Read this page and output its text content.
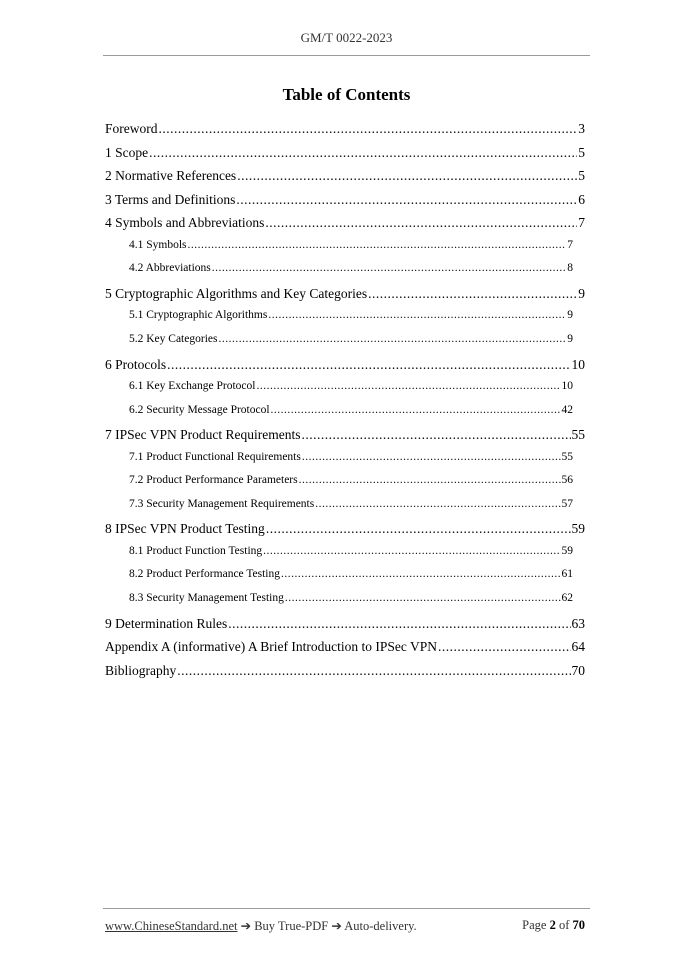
GM/T 0022-2023
Table of Contents
Foreword .....	3
1 Scope .....	5
2 Normative References .....	5
3 Terms and Definitions .....	6
4 Symbols and Abbreviations .....	7
4.1 Symbols .....	7
4.2 Abbreviations .....	8
5 Cryptographic Algorithms and Key Categories .....	9
5.1 Cryptographic Algorithms .....	9
5.2 Key Categories .....	9
6 Protocols .....	10
6.1 Key Exchange Protocol .....	10
6.2 Security Message Protocol .....	42
7 IPSec VPN Product Requirements .....	55
7.1 Product Functional Requirements .....	55
7.2 Product Performance Parameters .....	56
7.3 Security Management Requirements .....	57
8 IPSec VPN Product Testing .....	59
8.1 Product Function Testing .....	59
8.2 Product Performance Testing .....	61
8.3 Security Management Testing .....	62
9 Determination Rules .....	63
Appendix A (informative) A Brief Introduction to IPSec VPN .....	64
Bibliography .....	70
www.ChineseStandard.net ➔ Buy True-PDF ➔ Auto-delivery.	Page 2 of 70
